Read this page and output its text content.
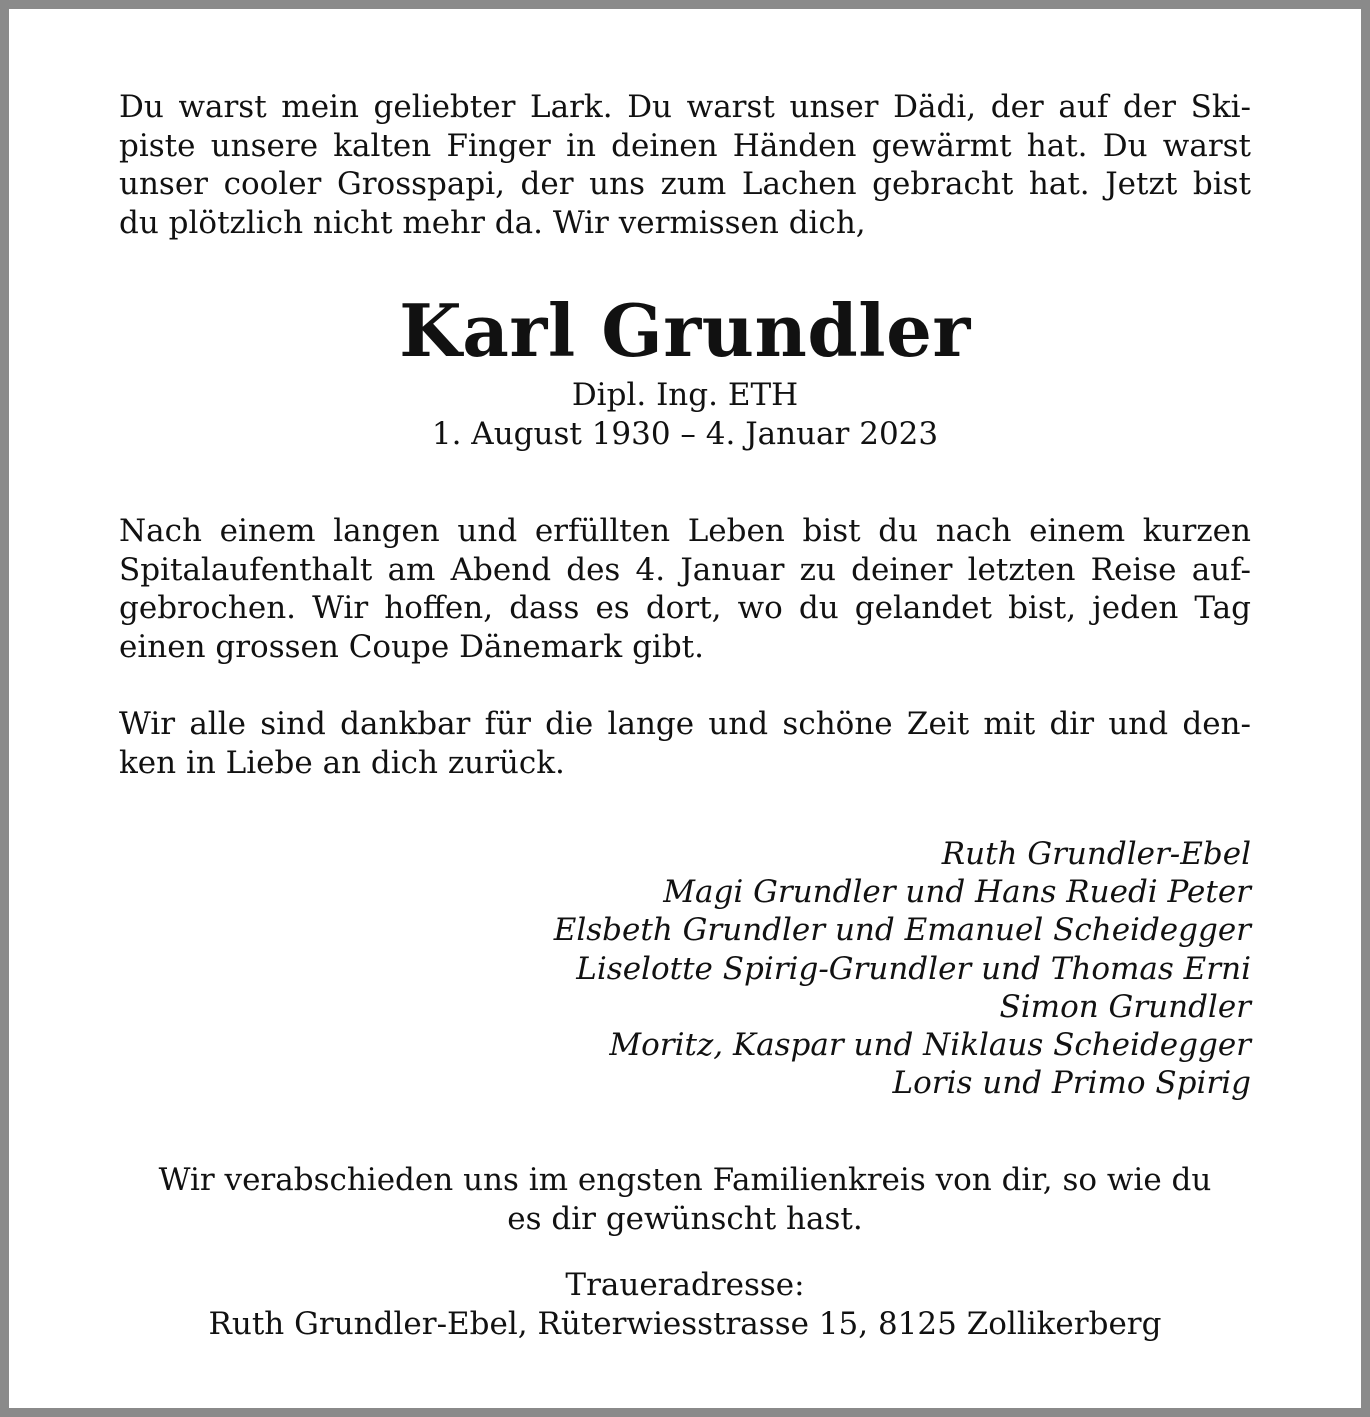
Du warst mein geliebter Lark. Du warst unser Dädi, der auf der Ski-
piste unsere kalten Finger in deinen Händen gewärmt hat. Du warst
unser cooler Grosspapi, der uns zum Lachen gebracht hat. Jetzt bist
du plötzlich nicht mehr da. Wir vermissen dich,

Karl Grundler

Dipl. Ing. ETH

1. August 1930 – 4. Januar 2023

Nach einem langen und erfüllten Leben bist du nach einem kurzen
Spitalaufenthalt am Abend des 4. Januar zu deiner letzten Reise auf-
gebrochen. Wir hoffen, dass es dort, wo du gelandet bist, jeden Tag
einen grossen Coupe Dänemark gibt.

Wir alle sind dankbar für die lange und schöne Zeit mit dir und den-
ken in Liebe an dich zurück.

Ruth Grundler-Ebel
Magi Grundler und Hans Ruedi Peter
Elsbeth Grundler und Emanuel Scheidegger
Liselotte Spirig-Grundler und Thomas Erni
Simon Grundler
Moritz, Kaspar und Niklaus Scheidegger
Loris und Primo Spirig
Wir verabschieden uns im engsten Familienkreis von dir, so wie du
es dir gewünscht hast.
Traueradresse:
Ruth Grundler-Ebel, Rüterwiesstrasse 15, 8125 Zollikerberg
